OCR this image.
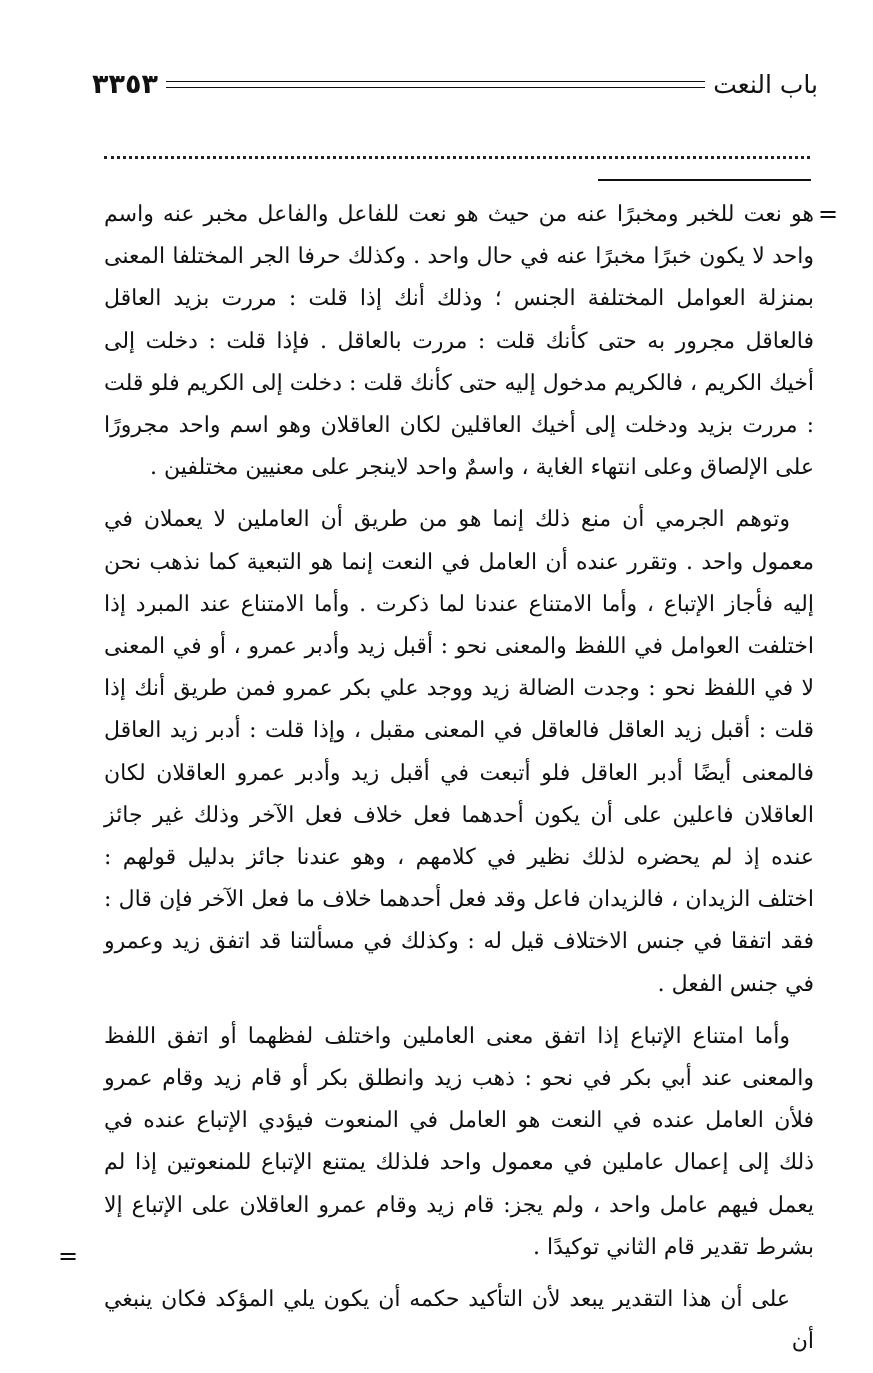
باب النعت
٣٣٥٣
=

هو نعت للخبر ومخبرًا عنه من حيث هو نعت للفاعل والفاعل مخبر عنه واسم واحد لا يكون خبرًا مخبرًا عنه في حال واحد . وكذلك حرفا الجر المختلفا المعنى بمنزلة العوامل المختلفة الجنس ؛ وذلك أنك إذا قلت : مررت بزيد العاقل فالعاقل مجرور به حتى كأنك قلت : مررت بالعاقل . فإذا قلت : دخلت إلى أخيك الكريم ، فالكريم مدخول إليه حتى كأنك قلت : دخلت إلى الكريم فلو قلت : مررت بزيد ودخلت إلى أخيك العاقلين لكان العاقلان وهو اسم واحد مجرورًا على الإلصاق وعلى انتهاء الغاية ، واسمٌ واحد لاينجر على معنيين مختلفين .

وتوهم الجرمي أن منع ذلك إنما هو من طريق أن العاملين لا يعملان في معمول واحد . وتقرر عنده أن العامل في النعت إنما هو التبعية كما نذهب نحن إليه فأجاز الإتباع ، وأما الامتناع عندنا لما ذكرت . وأما الامتناع عند المبرد إذا اختلفت العوامل في اللفظ والمعنى نحو : أقبل زيد وأدبر عمرو ، أو في المعنى لا في اللفظ نحو : وجدت الضالة زيد ووجد علي بكر عمرو فمن طريق أنك إذا قلت : أقبل زيد العاقل فالعاقل في المعنى مقبل ، وإذا قلت : أدبر زيد العاقل فالمعنى أيضًا أدبر العاقل فلو أتبعت في أقبل زيد وأدبر عمرو العاقلان لكان العاقلان فاعلين على أن يكون أحدهما فعل خلاف فعل الآخر وذلك غير جائز عنده إذ لم يحضره لذلك نظير في كلامهم ، وهو عندنا جائز بدليل قولهم : اختلف الزيدان ، فالزيدان فاعل وقد فعل أحدهما خلاف ما فعل الآخر فإن قال : فقد اتفقا في جنس الاختلاف قيل له : وكذلك في مسألتنا قد اتفق زيد وعمرو في جنس الفعل .

وأما امتناع الإتباع إذا اتفق معنى العاملين واختلف لفظهما أو اتفق اللفظ والمعنى عند أبي بكر في نحو : ذهب زيد وانطلق بكر أو قام زيد وقام عمرو فلأن العامل عنده في النعت هو العامل في المنعوت فيؤدي الإتباع عنده في ذلك إلى إعمال عاملين في معمول واحد فلذلك يمتنع الإتباع للمنعوتين إذا لم يعمل فيهم عامل واحد ، ولم يجز: قام زيد وقام عمرو العاقلان على الإتباع إلا بشرط تقدير قام الثاني توكيدًا .

على أن هذا التقدير يبعد لأن التأكيد حكمه أن يكون يلي المؤكد فكان ينبغي أن

=
